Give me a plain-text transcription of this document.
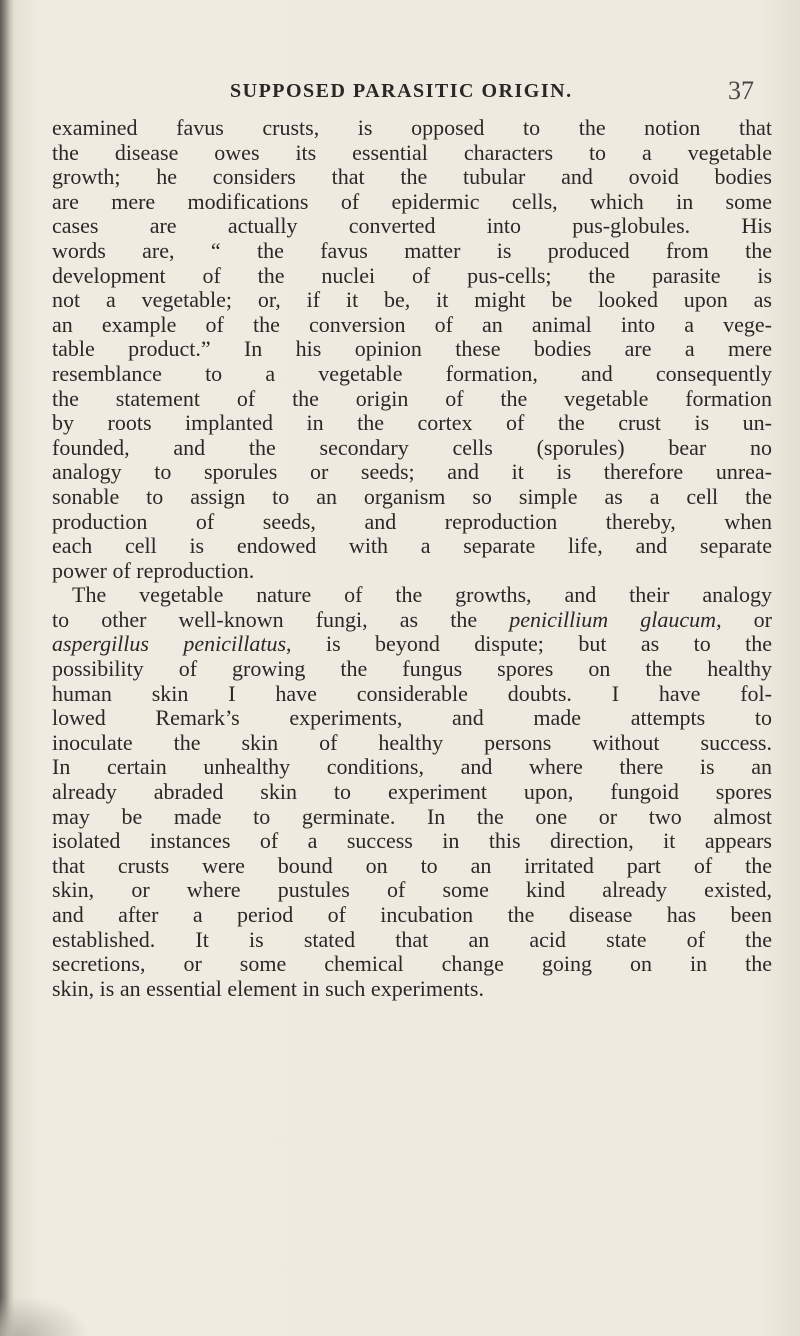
SUPPOSED PARASITIC ORIGIN.	37
examined favus crusts, is opposed to the notion that
the disease owes its essential characters to a vegetable
growth; he considers that the tubular and ovoid bodies
are mere modifications of epidermic cells, which in some
cases are actually converted into pus-globules. His
words are, “ the favus matter is produced from the
development of the nuclei of pus-cells; the parasite is
not a vegetable; or, if it be, it might be looked upon as
an example of the conversion of an animal into a vege-
table product.” In his opinion these bodies are a mere
resemblance to a vegetable formation, and consequently
the statement of the origin of the vegetable formation
by roots implanted in the cortex of the crust is un-
founded, and the secondary cells (sporules) bear no
analogy to sporules or seeds; and it is therefore unrea-
sonable to assign to an organism so simple as a cell the
production of seeds, and reproduction thereby, when
each cell is endowed with a separate life, and separate
power of reproduction.
The vegetable nature of the growths, and their analogy
to other well-known fungi, as the penicillium glaucum, or
aspergillus penicillatus, is beyond dispute; but as to the
possibility of growing the fungus spores on the healthy
human skin I have considerable doubts. I have fol-
lowed Remark’s experiments, and made attempts to
inoculate the skin of healthy persons without success.
In certain unhealthy conditions, and where there is an
already abraded skin to experiment upon, fungoid spores
may be made to germinate. In the one or two almost
isolated instances of a success in this direction, it appears
that crusts were bound on to an irritated part of the
skin, or where pustules of some kind already existed,
and after a period of incubation the disease has been
established. It is stated that an acid state of the
secretions, or some chemical change going on in the
skin, is an essential element in such experiments.
